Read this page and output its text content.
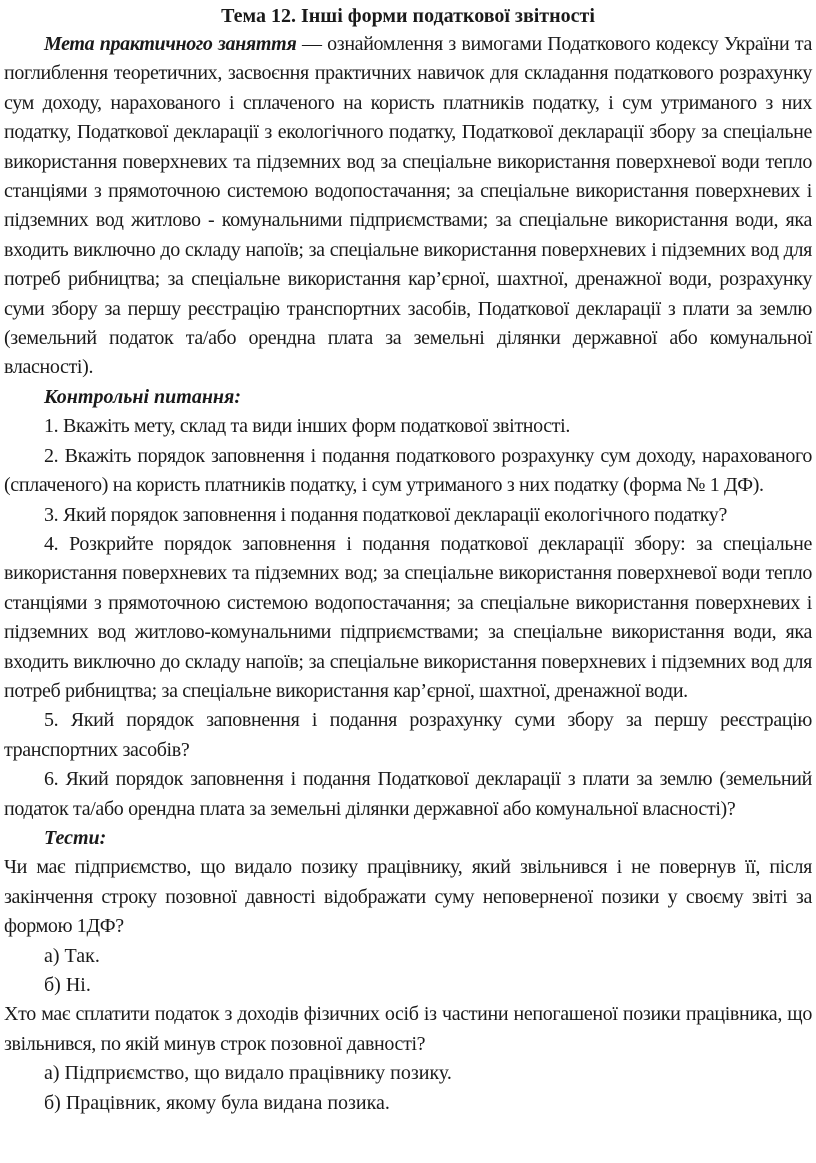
Тема 12. Інші форми податкової звітності

Мета практичного заняття — ознайомлення з вимогами Податкового кодексу України та поглиблення теоретичних, засвоєння практичних навичок для складання податкового розрахунку сум доходу, нарахованого і сплаченого на користь платників податку, і сум утриманого з них податку, Податкової декларації з екологічного податку, Податкової декларації збору за спеціальне використання поверхневих та підземних вод за спеціальне використання поверхневої води тепло станціями з прямоточною системою водопостачання; за спеціальне використання поверхневих і підземних вод житлово - комунальними підприємствами; за спеціальне використання води, яка входить виключно до складу напоїв; за спеціальне використання поверхневих і підземних вод для потреб рибництва; за спеціальне використання кар’єрної, шахтної, дренажної води, розрахунку суми збору за першу реєстрацію транспортних засобів, Податкової декларації з плати за землю (земельний податок та/або орендна плата за земельні ділянки державної або комунальної власності).

Контрольні питання:

1. Вкажіть мету, склад та види інших форм податкової звітності.

2. Вкажіть порядок заповнення і подання податкового розрахунку сум доходу, нарахованого (сплаченого) на користь платників податку, і сум утриманого з них податку (форма № 1 ДФ).

3. Який порядок заповнення і подання податкової декларації екологічного податку?

4. Розкрийте порядок заповнення і подання податкової декларації збору: за спеціальне використання поверхневих та підземних вод; за спеціальне використання поверхневої води тепло станціями з прямоточною системою водопостачання; за спеціальне використання поверхневих і підземних вод житлово-комунальними підприємствами; за спеціальне використання води, яка входить виключно до складу напоїв; за спеціальне використання поверхневих і підземних вод для потреб рибництва; за спеціальне використання кар’єрної, шахтної, дренажної води.

5. Який порядок заповнення і подання розрахунку суми збору за першу реєстрацію транспортних засобів?

6. Який порядок заповнення і подання Податкової декларації з плати за землю (земельний податок та/або орендна плата за земельні ділянки державної або комунальної власності)?

Тести:

Чи має підприємство, що видало позику працівнику, який звільнився і не повернув її, після закінчення строку позовної давності відображати суму неповерненої позики у своєму звіті за формою 1ДФ?

а) Так.

б) Ні.

Хто має сплатити податок з доходів фізичних осіб із частини непогашеної позики працівника, що звільнився, по якій минув строк позовної давності?

а) Підприємство, що видало працівнику позику.

б) Працівник, якому була видана позика.
